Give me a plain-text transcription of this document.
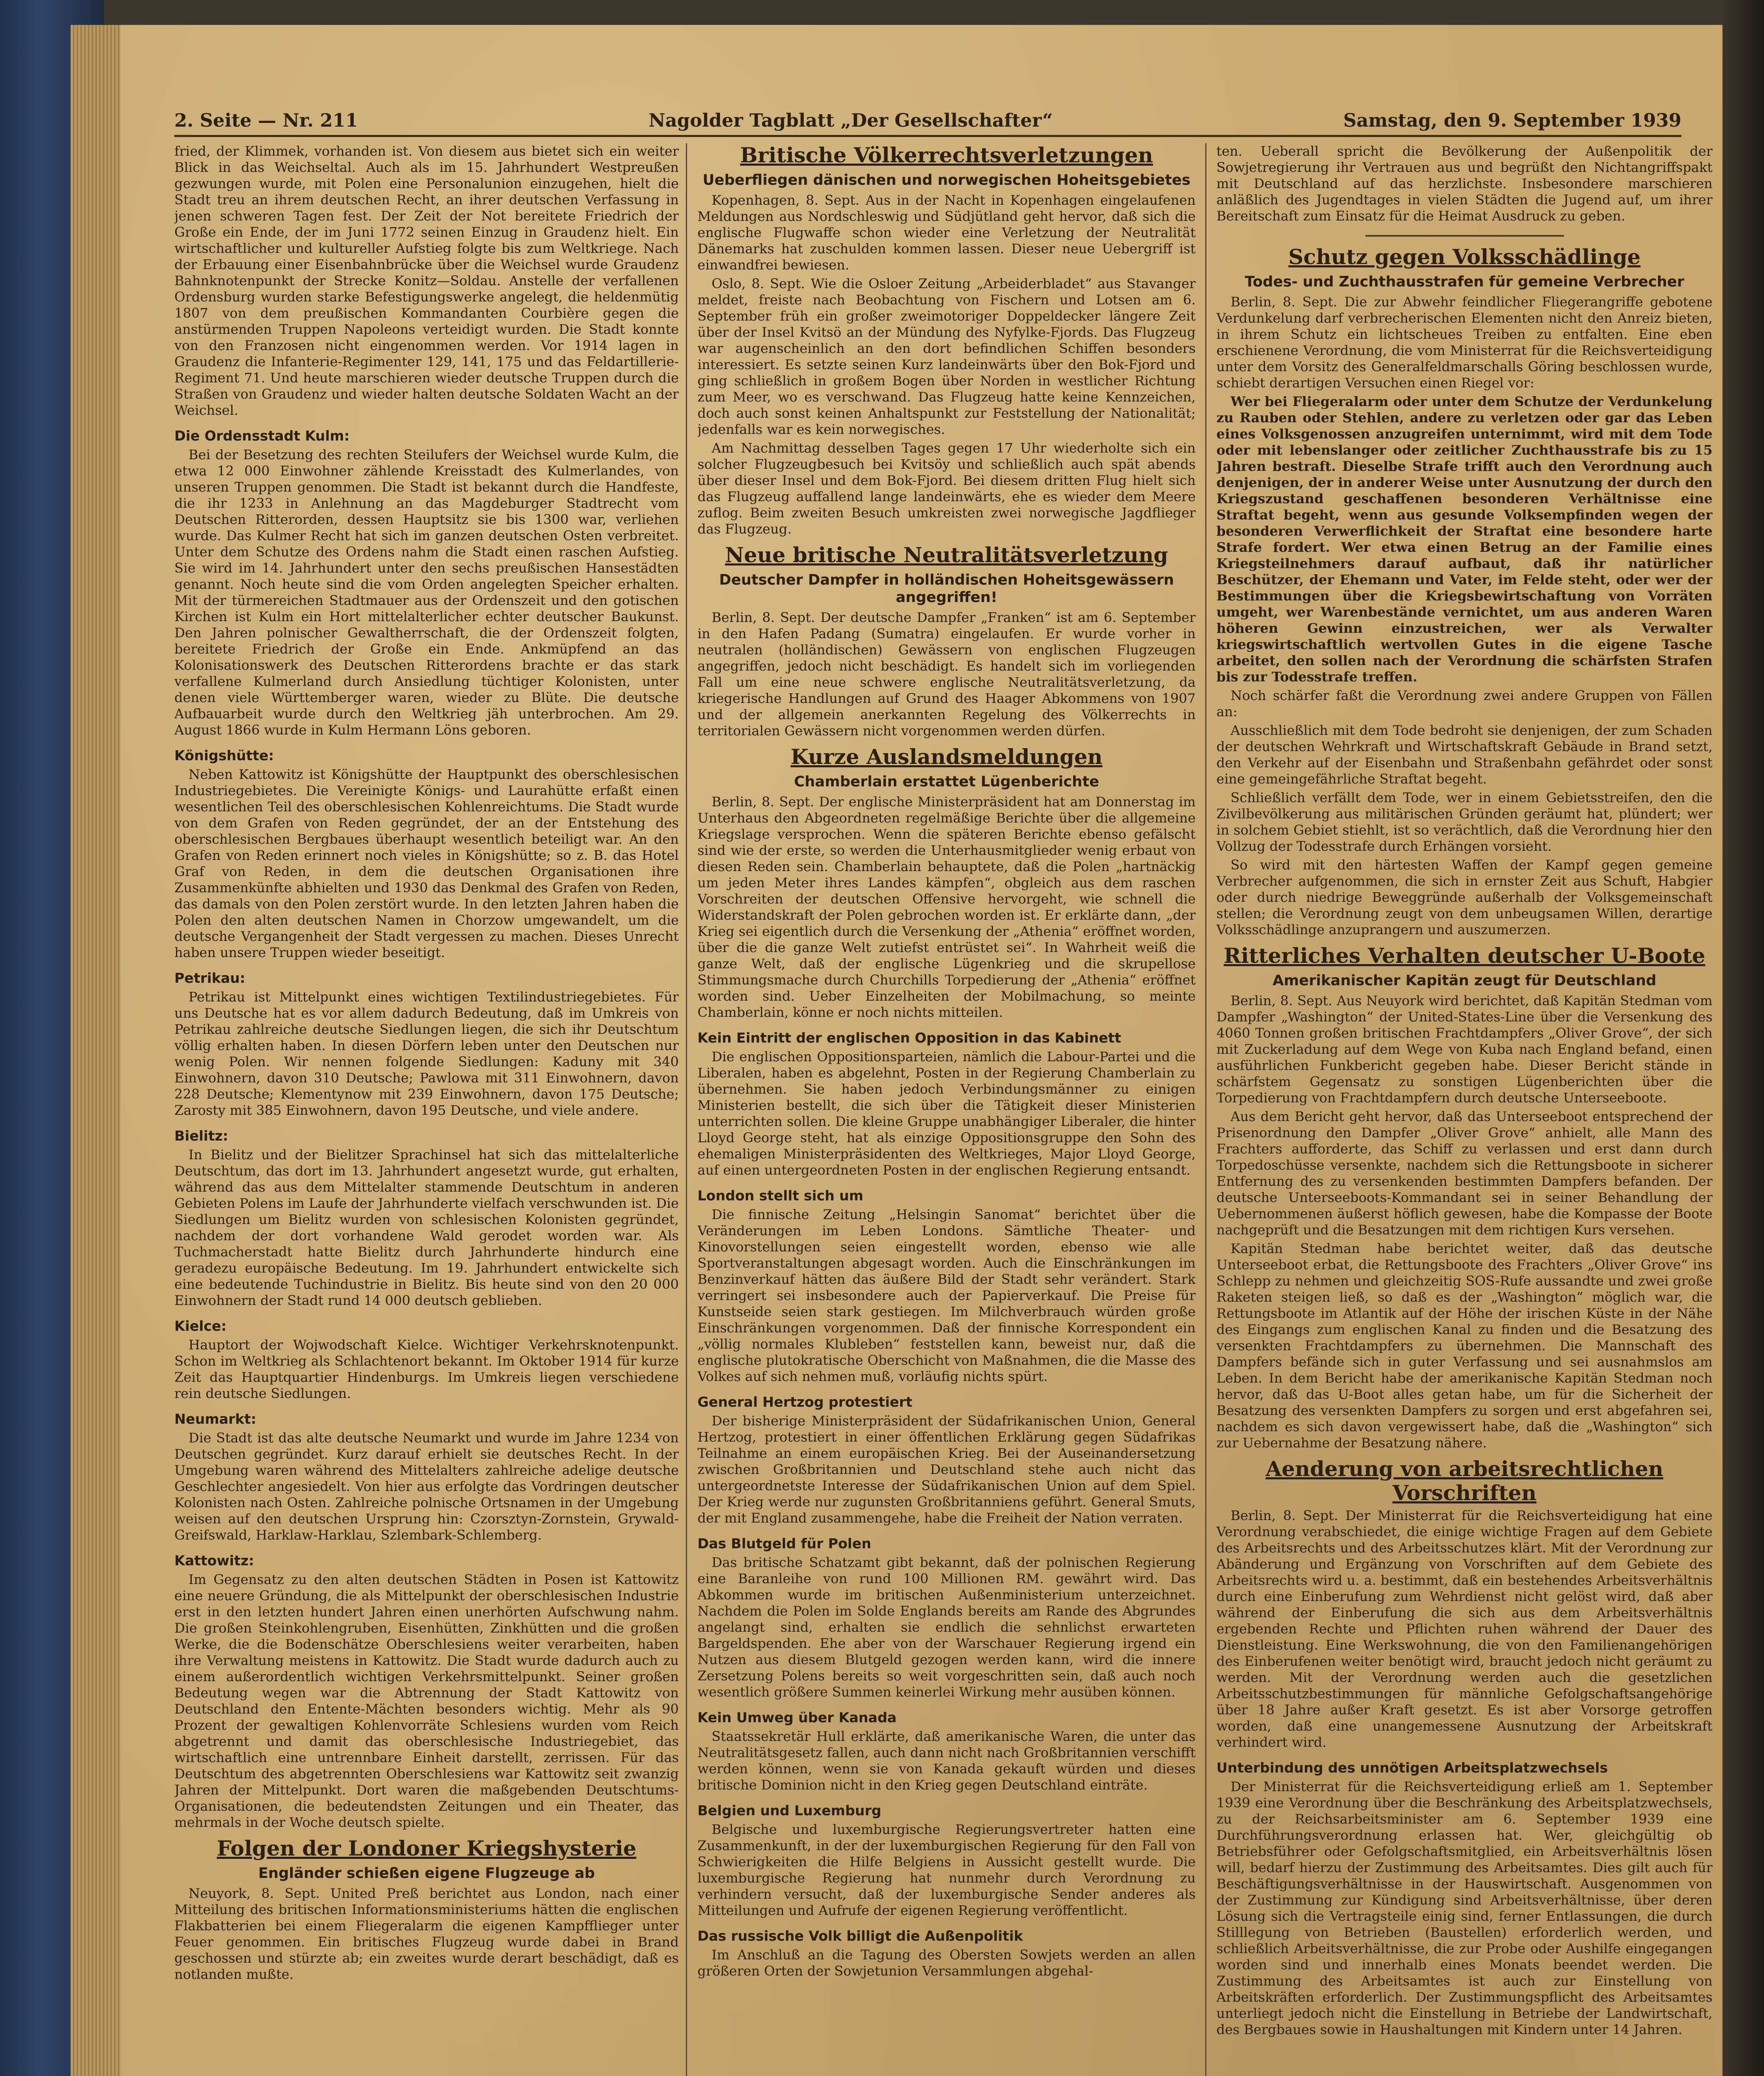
2. Seite — Nr. 211	Nagolder Tagblatt „Der Gesellschafter“	Samstag, den 9. September 1939

fried, der Klimmek, vorhanden ist. Von diesem aus bietet sich ein weiter Blick in das Weichseltal. Auch als im 15. Jahrhundert Westpreußen gezwungen wurde, mit Polen eine Personalunion einzugehen, hielt die Stadt treu an ihrem deutschen Recht, an ihrer deutschen Verfassung in jenen schweren Tagen fest. Der Zeit der Not bereitete Friedrich der Große ein Ende, der im Juni 1772 seinen Einzug in Graudenz hielt. Ein wirtschaftlicher und kultureller Aufstieg folgte bis zum Weltkriege. Nach der Erbauung einer Eisenbahnbrücke über die Weichsel wurde Graudenz Bahnknotenpunkt der Strecke Konitz—Soldau. Anstelle der verfallenen Ordensburg wurden starke Befestigungswerke angelegt, die heldenmütig 1807 von dem preußischen Kommandanten Courbière gegen die anstürmenden Truppen Napoleons verteidigt wurden. Die Stadt konnte von den Franzosen nicht eingenommen werden. Vor 1914 lagen in Graudenz die Infanterie-Regimenter 129, 141, 175 und das Feldartillerie-Regiment 71. Und heute marschieren wieder deutsche Truppen durch die Straßen von Graudenz und wieder halten deutsche Soldaten Wacht an der Weichsel.

Die Ordensstadt Kulm:

Bei der Besetzung des rechten Steilufers der Weichsel wurde Kulm, die etwa 12 000 Einwohner zählende Kreisstadt des Kulmerlandes, von unseren Truppen genommen. Die Stadt ist bekannt durch die Handfeste, die ihr 1233 in Anlehnung an das Magdeburger Stadtrecht vom Deutschen Ritterorden, dessen Hauptsitz sie bis 1300 war, verliehen wurde. Das Kulmer Recht hat sich im ganzen deutschen Osten verbreitet. Unter dem Schutze des Ordens nahm die Stadt einen raschen Aufstieg. Sie wird im 14. Jahrhundert unter den sechs preußischen Hansestädten genannt. Noch heute sind die vom Orden angelegten Speicher erhalten. Mit der türmereichen Stadtmauer aus der Ordenszeit und den gotischen Kirchen ist Kulm ein Hort mittelalterlicher echter deutscher Baukunst. Den Jahren polnischer Gewaltherrschaft, die der Ordenszeit folgten, bereitete Friedrich der Große ein Ende. Ankmüpfend an das Kolonisationswerk des Deutschen Ritterordens brachte er das stark verfallene Kulmerland durch Ansiedlung tüchtiger Kolonisten, unter denen viele Württemberger waren, wieder zu Blüte. Die deutsche Aufbauarbeit wurde durch den Weltkrieg jäh unterbrochen. Am 29. August 1866 wurde in Kulm Hermann Löns geboren.

Königshütte:

Neben Kattowitz ist Königshütte der Hauptpunkt des oberschlesischen Industriegebietes. Die Vereinigte Königs- und Laurahütte erfaßt einen wesentlichen Teil des oberschlesischen Kohlenreichtums. Die Stadt wurde von dem Grafen von Reden gegründet, der an der Entstehung des oberschlesischen Bergbaues überhaupt wesentlich beteiligt war. An den Grafen von Reden erinnert noch vieles in Königshütte; so z. B. das Hotel Graf von Reden, in dem die deutschen Organisationen ihre Zusammenkünfte abhielten und 1930 das Denkmal des Grafen von Reden, das damals von den Polen zerstört wurde. In den letzten Jahren haben die Polen den alten deutschen Namen in Chorzow umgewandelt, um die deutsche Vergangenheit der Stadt vergessen zu machen. Dieses Unrecht haben unsere Truppen wieder beseitigt.

Petrikau:

Petrikau ist Mittelpunkt eines wichtigen Textilindustriegebietes. Für uns Deutsche hat es vor allem dadurch Bedeutung, daß im Umkreis von Petrikau zahlreiche deutsche Siedlungen liegen, die sich ihr Deutschtum völlig erhalten haben. In diesen Dörfern leben unter den Deutschen nur wenig Polen. Wir nennen folgende Siedlungen: Kaduny mit 340 Einwohnern, davon 310 Deutsche; Pawlowa mit 311 Einwohnern, davon 228 Deutsche; Klementynow mit 239 Einwohnern, davon 175 Deutsche; Zarosty mit 385 Einwohnern, davon 195 Deutsche, und viele andere.

Bielitz:

In Bielitz und der Bielitzer Sprachinsel hat sich das mittelalterliche Deutschtum, das dort im 13. Jahrhundert angesetzt wurde, gut erhalten, während das aus dem Mittelalter stammende Deutschtum in anderen Gebieten Polens im Laufe der Jahrhunderte vielfach verschwunden ist. Die Siedlungen um Bielitz wurden von schlesischen Kolonisten gegründet, nachdem der dort vorhandene Wald gerodet worden war. Als Tuchmacherstadt hatte Bielitz durch Jahrhunderte hindurch eine geradezu europäische Bedeutung. Im 19. Jahrhundert entwickelte sich eine bedeutende Tuchindustrie in Bielitz. Bis heute sind von den 20 000 Einwohnern der Stadt rund 14 000 deutsch geblieben.

Kielce:

Hauptort der Wojwodschaft Kielce. Wichtiger Verkehrsknotenpunkt. Schon im Weltkrieg als Schlachtenort bekannt. Im Oktober 1914 für kurze Zeit das Hauptquartier Hindenburgs. Im Umkreis liegen verschiedene rein deutsche Siedlungen.

Neumarkt:

Die Stadt ist das alte deutsche Neumarkt und wurde im Jahre 1234 von Deutschen gegründet. Kurz darauf erhielt sie deutsches Recht. In der Umgebung waren während des Mittelalters zahlreiche adelige deutsche Geschlechter angesiedelt. Von hier aus erfolgte das Vordringen deutscher Kolonisten nach Osten. Zahlreiche polnische Ortsnamen in der Umgebung weisen auf den deutschen Ursprung hin: Czorsztyn-Zornstein, Grywald-Greifswald, Harklaw-Harklau, Szlembark-Schlemberg.

Kattowitz:

Im Gegensatz zu den alten deutschen Städten in Posen ist Kattowitz eine neuere Gründung, die als Mittelpunkt der oberschlesischen Industrie erst in den letzten hundert Jahren einen unerhörten Aufschwung nahm. Die großen Steinkohlengruben, Eisenhütten, Zinkhütten und die großen Werke, die die Bodenschätze Oberschlesiens weiter verarbeiten, haben ihre Verwaltung meistens in Kattowitz. Die Stadt wurde dadurch auch zu einem außerordentlich wichtigen Verkehrsmittelpunkt. Seiner großen Bedeutung wegen war die Abtrennung der Stadt Kattowitz von Deutschland den Entente-Mächten besonders wichtig. Mehr als 90 Prozent der gewaltigen Kohlenvorräte Schlesiens wurden vom Reich abgetrennt und damit das oberschlesische Industriegebiet, das wirtschaftlich eine untrennbare Einheit darstellt, zerrissen. Für das Deutschtum des abgetrennten Oberschlesiens war Kattowitz seit zwanzig Jahren der Mittelpunkt. Dort waren die maßgebenden Deutschtums-Organisationen, die bedeutendsten Zeitungen und ein Theater, das mehrmals in der Woche deutsch spielte.

Folgen der Londoner Kriegshysterie
Engländer schießen eigene Flugzeuge ab

Neuyork, 8. Sept. United Preß berichtet aus London, nach einer Mitteilung des britischen Informationsministeriums hätten die englischen Flakbatterien bei einem Fliegeralarm die eigenen Kampfflieger unter Feuer genommen. Ein britisches Flugzeug wurde dabei in Brand geschossen und stürzte ab; ein zweites wurde derart beschädigt, daß es notlanden mußte.

Britische Völkerrechtsverletzungen
Ueberfliegen dänischen und norwegischen Hoheitsgebietes

Kopenhagen, 8. Sept. Aus in der Nacht in Kopenhagen eingelaufenen Meldungen aus Nordschleswig und Südjütland geht hervor, daß sich die englische Flugwaffe schon wieder eine Verletzung der Neutralität Dänemarks hat zuschulden kommen lassen. Dieser neue Uebergriff ist einwandfrei bewiesen.

Oslo, 8. Sept. Wie die Osloer Zeitung „Arbeiderbladet“ aus Stavanger meldet, freiste nach Beobachtung von Fischern und Lotsen am 6. September früh ein großer zweimotoriger Doppeldecker längere Zeit über der Insel Kvitsö an der Mündung des Nyfylke-Fjords. Das Flugzeug war augenscheinlich an den dort befindlichen Schiffen besonders interessiert. Es setzte seinen Kurz landeinwärts über den Bok-Fjord und ging schließlich in großem Bogen über Norden in westlicher Richtung zum Meer, wo es verschwand. Das Flugzeug hatte keine Kennzeichen, doch auch sonst keinen Anhaltspunkt zur Feststellung der Nationalität; jedenfalls war es kein norwegisches.

Am Nachmittag desselben Tages gegen 17 Uhr wiederholte sich ein solcher Flugzeugbesuch bei Kvitsöy und schließlich auch spät abends über dieser Insel und dem Bok-Fjord. Bei diesem dritten Flug hielt sich das Flugzeug auffallend lange landeinwärts, ehe es wieder dem Meere zuflog. Beim zweiten Besuch umkreisten zwei norwegische Jagdflieger das Flugzeug.

Neue britische Neutralitätsverletzung
Deutscher Dampfer in holländischen Hoheitsgewässern angegriffen!

Berlin, 8. Sept. Der deutsche Dampfer „Franken“ ist am 6. September in den Hafen Padang (Sumatra) eingelaufen. Er wurde vorher in neutralen (holländischen) Gewässern von englischen Flugzeugen angegriffen, jedoch nicht beschädigt. Es handelt sich im vorliegenden Fall um eine neue schwere englische Neutralitätsverletzung, da kriegerische Handlungen auf Grund des Haager Abkommens von 1907 und der allgemein anerkannten Regelung des Völkerrechts in territorialen Gewässern nicht vorgenommen werden dürfen.

Kurze Auslandsmeldungen
Chamberlain erstattet Lügenberichte

Berlin, 8. Sept. Der englische Ministerpräsident hat am Donnerstag im Unterhaus den Abgeordneten regelmäßige Berichte über die allgemeine Kriegslage versprochen. Wenn die späteren Berichte ebenso gefälscht sind wie der erste, so werden die Unterhausmitglieder wenig erbaut von diesen Reden sein. Chamberlain behauptete, daß die Polen „hartnäckig um jeden Meter ihres Landes kämpfen“, obgleich aus dem raschen Vorschreiten der deutschen Offensive hervorgeht, wie schnell die Widerstandskraft der Polen gebrochen worden ist. Er erklärte dann, „der Krieg sei eigentlich durch die Versenkung der „Athenia“ eröffnet worden, über die die ganze Welt zutiefst entrüstet sei“. In Wahrheit weiß die ganze Welt, daß der englische Lügenkrieg und die skrupellose Stimmungsmache durch Churchills Torpedierung der „Athenia“ eröffnet worden sind. Ueber Einzelheiten der Mobilmachung, so meinte Chamberlain, könne er noch nichts mitteilen.

Kein Eintritt der englischen Opposition in das Kabinett

Die englischen Oppositionsparteien, nämlich die Labour-Partei und die Liberalen, haben es abgelehnt, Posten in der Regierung Chamberlain zu übernehmen. Sie haben jedoch Verbindungsmänner zu einigen Ministerien bestellt, die sich über die Tätigkeit dieser Ministerien unterrichten sollen. Die kleine Gruppe unabhängiger Liberaler, die hinter Lloyd George steht, hat als einzige Oppositionsgruppe den Sohn des ehemaligen Ministerpräsidenten des Weltkrieges, Major Lloyd George, auf einen untergeordneten Posten in der englischen Regierung entsandt.

London stellt sich um

Die finnische Zeitung „Helsingin Sanomat“ berichtet über die Veränderungen im Leben Londons. Sämtliche Theater- und Kinovorstellungen seien eingestellt worden, ebenso wie alle Sportveranstaltungen abgesagt worden. Auch die Einschränkungen im Benzinverkauf hätten das äußere Bild der Stadt sehr verändert. Stark verringert sei insbesondere auch der Papierverkauf. Die Preise für Kunstseide seien stark gestiegen. Im Milchverbrauch würden große Einschränkungen vorgenommen. Daß der finnische Korrespondent ein „völlig normales Klubleben“ feststellen kann, beweist nur, daß die englische plutokratische Oberschicht von Maßnahmen, die die Masse des Volkes auf sich nehmen muß, vorläufig nichts spürt.

General Hertzog protestiert

Der bisherige Ministerpräsident der Südafrikanischen Union, General Hertzog, protestiert in einer öffentlichen Erklärung gegen Südafrikas Teilnahme an einem europäischen Krieg. Bei der Auseinandersetzung zwischen Großbritannien und Deutschland stehe auch nicht das untergeordnetste Interesse der Südafrikanischen Union auf dem Spiel. Der Krieg werde nur zugunsten Großbritanniens geführt. General Smuts, der mit England zusammengehe, habe die Freiheit der Nation verraten.

Das Blutgeld für Polen

Das britische Schatzamt gibt bekannt, daß der polnischen Regierung eine Baranleihe von rund 100 Millionen RM. gewährt wird. Das Abkommen wurde im britischen Außenministerium unterzeichnet. Nachdem die Polen im Solde Englands bereits am Rande des Abgrundes angelangt sind, erhalten sie endlich die sehnlichst erwarteten Bargeldspenden. Ehe aber von der Warschauer Regierung irgend ein Nutzen aus diesem Blutgeld gezogen werden kann, wird die innere Zersetzung Polens bereits so weit vorgeschritten sein, daß auch noch wesentlich größere Summen keinerlei Wirkung mehr ausüben können.

Kein Umweg über Kanada

Staatssekretär Hull erklärte, daß amerikanische Waren, die unter das Neutralitätsgesetz fallen, auch dann nicht nach Großbritannien verschifft werden können, wenn sie von Kanada gekauft würden und dieses britische Dominion nicht in den Krieg gegen Deutschland einträte.

Belgien und Luxemburg

Belgische und luxemburgische Regierungsvertreter hatten eine Zusammenkunft, in der der luxemburgischen Regierung für den Fall von Schwierigkeiten die Hilfe Belgiens in Aussicht gestellt wurde. Die luxemburgische Regierung hat nunmehr durch Verordnung zu verhindern versucht, daß der luxemburgische Sender anderes als Mitteilungen und Aufrufe der eigenen Regierung veröffentlicht.

Das russische Volk billigt die Außenpolitik

Im Anschluß an die Tagung des Obersten Sowjets werden an allen größeren Orten der Sowjetunion Versammlungen abgehal-

ten. Ueberall spricht die Bevölkerung der Außenpolitik der Sowjetregierung ihr Vertrauen aus und begrüßt den Nichtangriffspakt mit Deutschland auf das herzlichste. Insbesondere marschieren anläßlich des Jugendtages in vielen Städten die Jugend auf, um ihrer Bereitschaft zum Einsatz für die Heimat Ausdruck zu geben.

Schutz gegen Volksschädlinge
Todes- und Zuchthausstrafen für gemeine Verbrecher

Berlin, 8. Sept. Die zur Abwehr feindlicher Fliegerangriffe gebotene Verdunkelung darf verbrecherischen Elementen nicht den Anreiz bieten, in ihrem Schutz ein lichtscheues Treiben zu entfalten. Eine eben erschienene Verordnung, die vom Ministerrat für die Reichsverteidigung unter dem Vorsitz des Generalfeldmarschalls Göring beschlossen wurde, schiebt derartigen Versuchen einen Riegel vor:

Wer bei Fliegeralarm oder unter dem Schutze der Verdunkelung zu Rauben oder Stehlen, andere zu verletzen oder gar das Leben eines Volksgenossen anzugreifen unternimmt, wird mit dem Tode oder mit lebenslanger oder zeitlicher Zuchthausstrafe bis zu 15 Jahren bestraft. Dieselbe Strafe trifft auch den Verordnung auch denjenigen, der in anderer Weise unter Ausnutzung der durch den Kriegszustand geschaffenen besonderen Verhältnisse eine Straftat begeht, wenn aus gesunde Volksempfinden wegen der besonderen Verwerflichkeit der Straftat eine besondere harte Strafe fordert. Wer etwa einen Betrug an der Familie eines Kriegsteilnehmers darauf aufbaut, daß ihr natürlicher Beschützer, der Ehemann und Vater, im Felde steht, oder wer der Bestimmungen über die Kriegsbewirtschaftung von Vorräten umgeht, wer Warenbestände vernichtet, um aus anderen Waren höheren Gewinn einzustreichen, wer als Verwalter kriegswirtschaftlich wertvollen Gutes in die eigene Tasche arbeitet, den sollen nach der Verordnung die schärfsten Strafen bis zur Todesstrafe treffen.

Noch schärfer faßt die Verordnung zwei andere Gruppen von Fällen an:

Ausschließlich mit dem Tode bedroht sie denjenigen, der zum Schaden der deutschen Wehrkraft und Wirtschaftskraft Gebäude in Brand setzt, den Verkehr auf der Eisenbahn und Straßenbahn gefährdet oder sonst eine gemeingefährliche Straftat begeht.

Schließlich verfällt dem Tode, wer in einem Gebietsstreifen, den die Zivilbevölkerung aus militärischen Gründen geräumt hat, plündert; wer in solchem Gebiet stiehlt, ist so verächtlich, daß die Verordnung hier den Vollzug der Todesstrafe durch Erhängen vorsieht.

So wird mit den härtesten Waffen der Kampf gegen gemeine Verbrecher aufgenommen, die sich in ernster Zeit aus Schuft, Habgier oder durch niedrige Beweggründe außerhalb der Volksgemeinschaft stellen; die Verordnung zeugt von dem unbeugsamen Willen, derartige Volksschädlinge anzuprangern und auszumerzen.

Ritterliches Verhalten deutscher U-Boote
Amerikanischer Kapitän zeugt für Deutschland

Berlin, 8. Sept. Aus Neuyork wird berichtet, daß Kapitän Stedman vom Dampfer „Washington“ der United-States-Line über die Versenkung des 4060 Tonnen großen britischen Frachtdampfers „Oliver Grove“, der sich mit Zuckerladung auf dem Wege von Kuba nach England befand, einen ausführlichen Funkbericht gegeben habe. Dieser Bericht stände in schärfstem Gegensatz zu sonstigen Lügenberichten über die Torpedierung von Frachtdampfern durch deutsche Unterseeboote.

Aus dem Bericht geht hervor, daß das Unterseeboot entsprechend der Prisenordnung den Dampfer „Oliver Grove“ anhielt, alle Mann des Frachters aufforderte, das Schiff zu verlassen und erst dann durch Torpedoschüsse versenkte, nachdem sich die Rettungsboote in sicherer Entfernung des zu versenkenden bestimmten Dampfers befanden. Der deutsche Unterseeboots-Kommandant sei in seiner Behandlung der Uebernommenen äußerst höflich gewesen, habe die Kompasse der Boote nachgeprüft und die Besatzungen mit dem richtigen Kurs versehen.

Kapitän Stedman habe berichtet weiter, daß das deutsche Unterseeboot erbat, die Rettungsboote des Frachters „Oliver Grove“ ins Schlepp zu nehmen und gleichzeitig SOS-Rufe aussandte und zwei große Raketen steigen ließ, so daß es der „Washington“ möglich war, die Rettungsboote im Atlantik auf der Höhe der irischen Küste in der Nähe des Eingangs zum englischen Kanal zu finden und die Besatzung des versenkten Frachtdampfers zu übernehmen. Die Mannschaft des Dampfers befände sich in guter Verfassung und sei ausnahmslos am Leben. In dem Bericht habe der amerikanische Kapitän Stedman noch hervor, daß das U-Boot alles getan habe, um für die Sicherheit der Besatzung des versenkten Dampfers zu sorgen und erst abgefahren sei, nachdem es sich davon vergewissert habe, daß die „Washington“ sich zur Uebernahme der Besatzung nähere.

Aenderung von arbeitsrechtlichen Vorschriften

Berlin, 8. Sept. Der Ministerrat für die Reichsverteidigung hat eine Verordnung verabschiedet, die einige wichtige Fragen auf dem Gebiete des Arbeitsrechts und des Arbeitsschutzes klärt. Mit der Verordnung zur Abänderung und Ergänzung von Vorschriften auf dem Gebiete des Arbeitsrechts wird u. a. bestimmt, daß ein bestehendes Arbeitsverhältnis durch eine Einberufung zum Wehrdienst nicht gelöst wird, daß aber während der Einberufung die sich aus dem Arbeitsverhältnis ergebenden Rechte und Pflichten ruhen während der Dauer des Dienstleistung. Eine Werkswohnung, die von den Familienangehörigen des Einberufenen weiter benötigt wird, braucht jedoch nicht geräumt zu werden. Mit der Verordnung werden auch die gesetzlichen Arbeitsschutzbestimmungen für männliche Gefolgschaftsangehörige über 18 Jahre außer Kraft gesetzt. Es ist aber Vorsorge getroffen worden, daß eine unangemessene Ausnutzung der Arbeitskraft verhindert wird.

Unterbindung des unnötigen Arbeitsplatzwechsels

Der Ministerrat für die Reichsverteidigung erließ am 1. September 1939 eine Verordnung über die Beschränkung des Arbeitsplatzwechsels, zu der Reichsarbeitsminister am 6. September 1939 eine Durchführungsverordnung erlassen hat. Wer, gleichgültig ob Betriebsführer oder Gefolgschaftsmitglied, ein Arbeitsverhältnis lösen will, bedarf hierzu der Zustimmung des Arbeitsamtes. Dies gilt auch für Beschäftigungsverhältnisse in der Hauswirtschaft. Ausgenommen von der Zustimmung zur Kündigung sind Arbeitsverhältnisse, über deren Lösung sich die Vertragsteile einig sind, ferner Entlassungen, die durch Stilllegung von Betrieben (Baustellen) erforderlich werden, und schließlich Arbeitsverhältnisse, die zur Probe oder Aushilfe eingegangen worden sind und innerhalb eines Monats beendet werden. Die Zustimmung des Arbeitsamtes ist auch zur Einstellung von Arbeitskräften erforderlich. Der Zustimmungspflicht des Arbeitsamtes unterliegt jedoch nicht die Einstellung in Betriebe der Landwirtschaft, des Bergbaues sowie in Haushaltungen mit Kindern unter 14 Jahren.
